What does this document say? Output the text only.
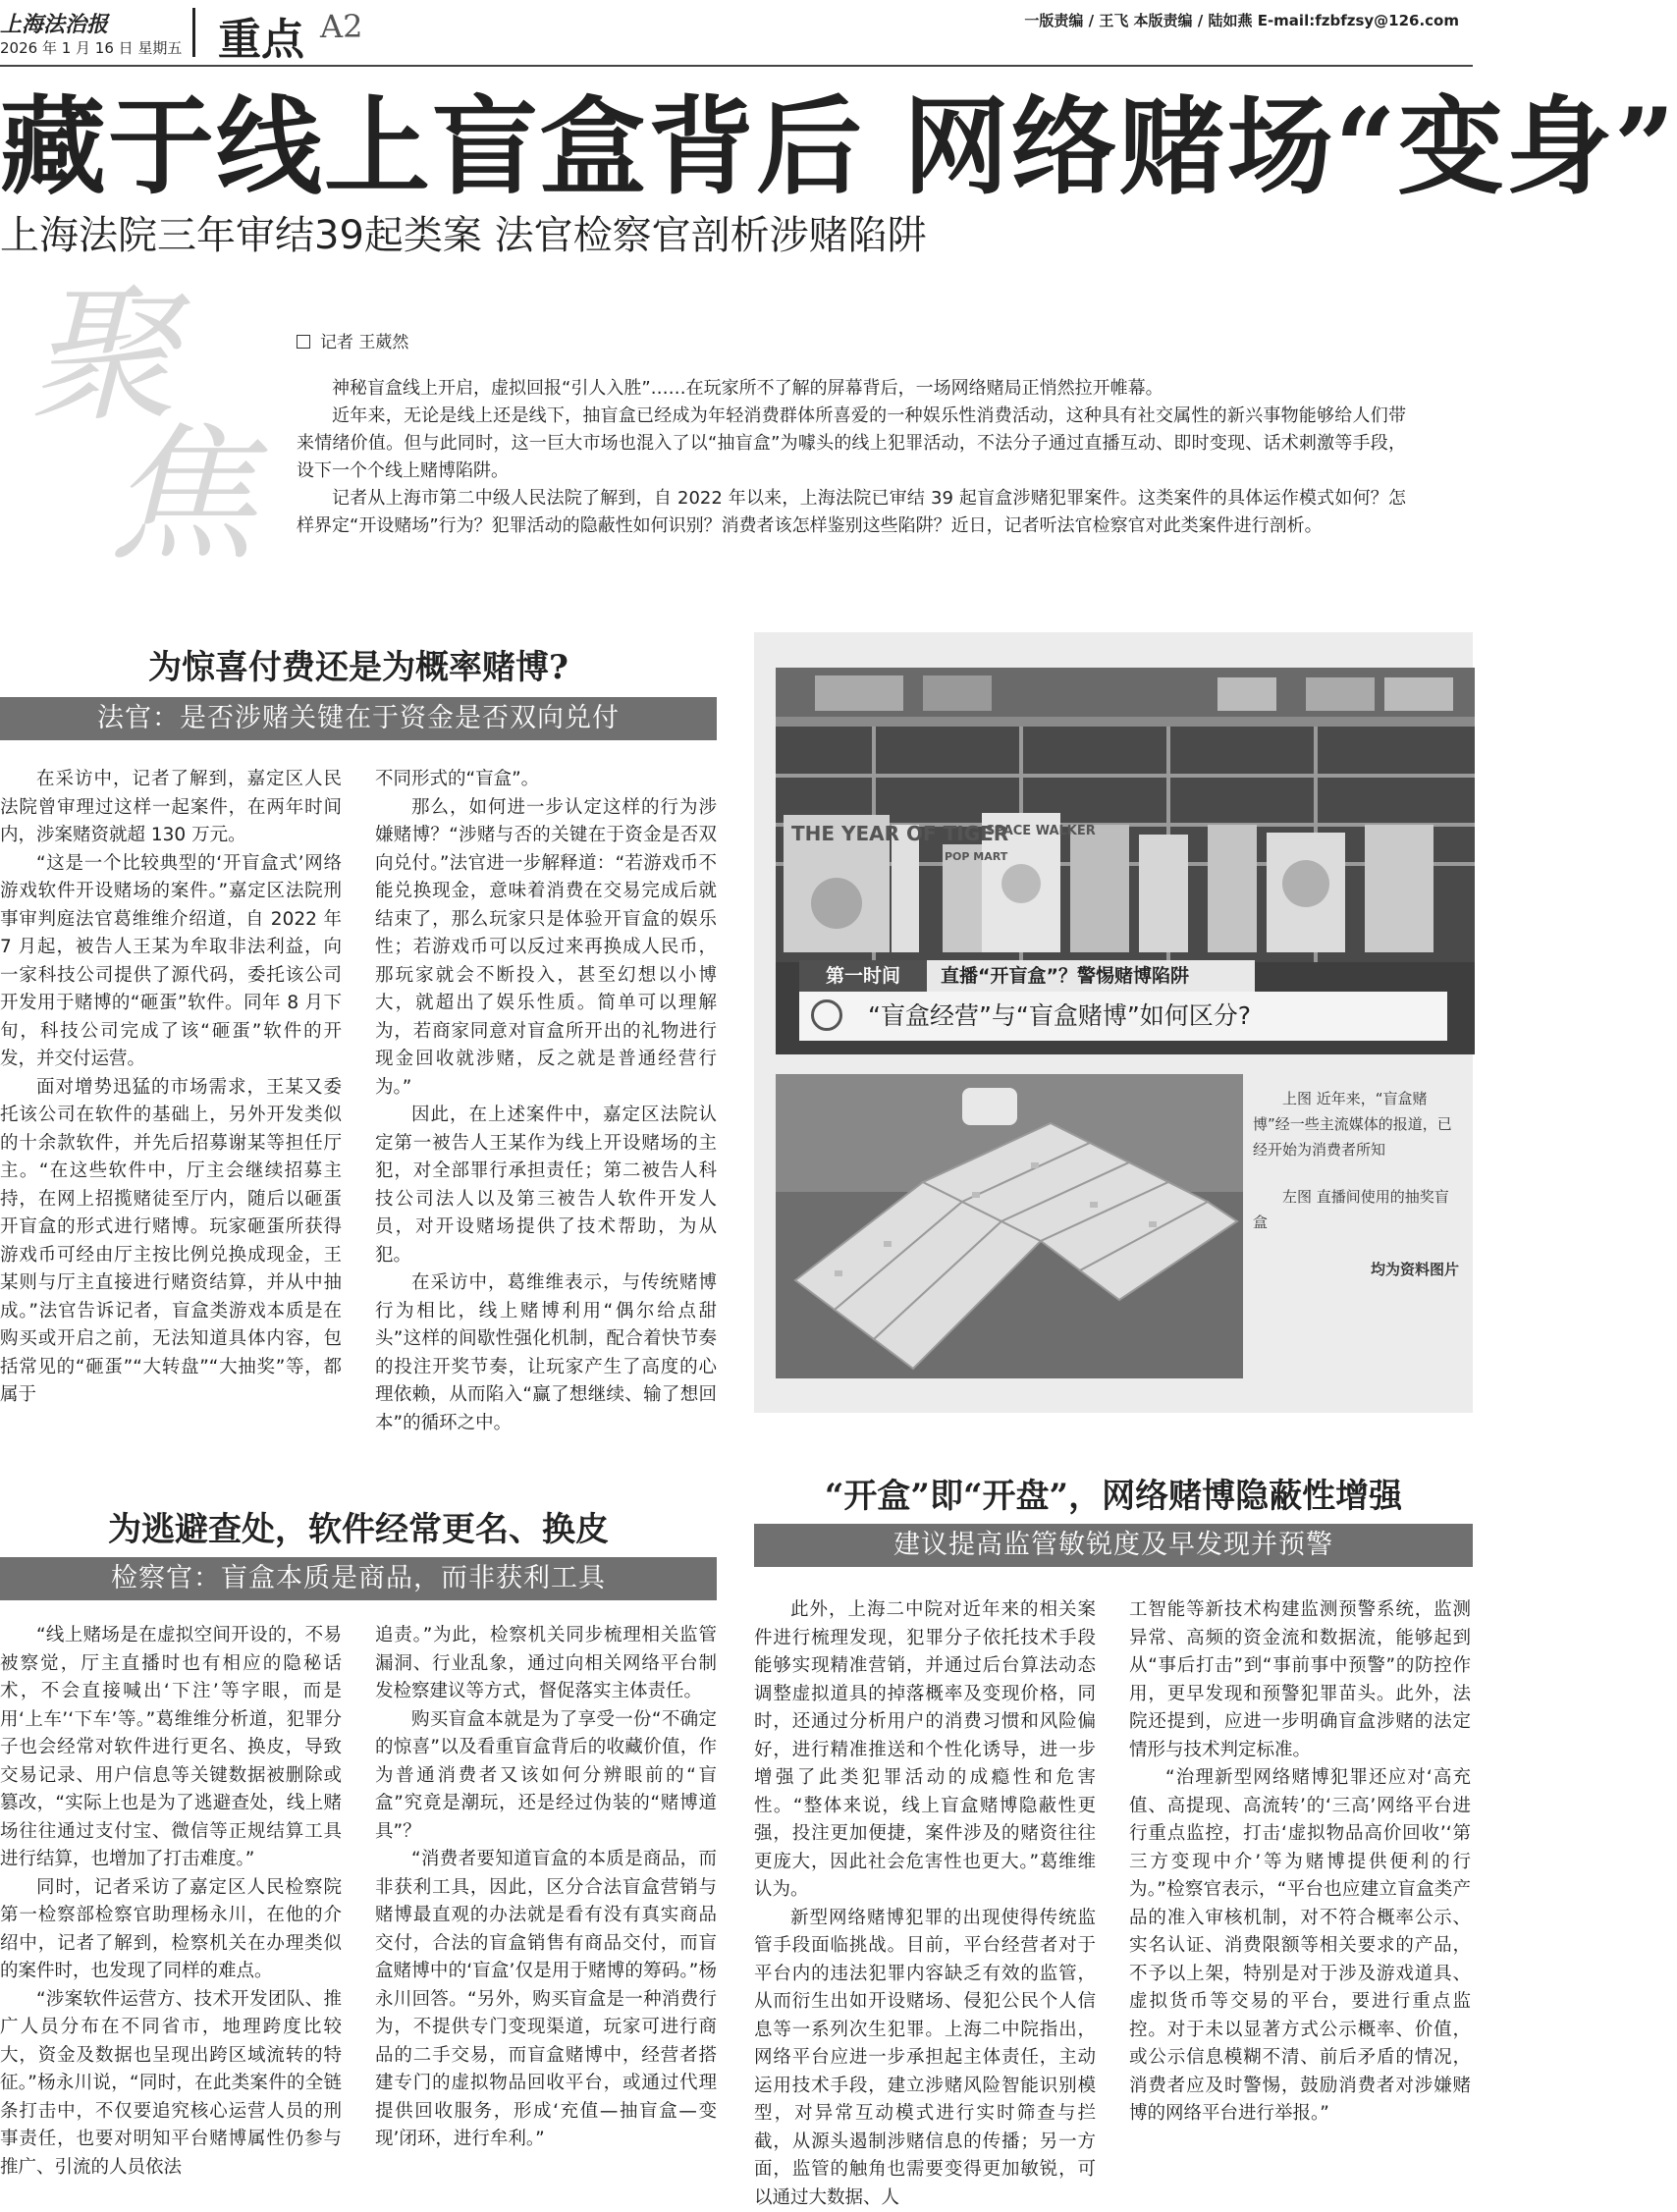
上海法治报
2026 年 1 月 16 日 星期五 重点 A2	一版责编 / 王飞 本版责编 / 陆如燕 E-mail:fzbfzsy@126.com
藏于线上盲盒背后 网络赌场“变身”
上海法院三年审结39起类案 法官检察官剖析涉赌陷阱
聚
焦
记者 王葳然

神秘盲盒线上开启，虚拟回报“引人入胜”……在玩家所不了解的屏幕背后，一场网络赌局正悄然拉开帷幕。

近年来，无论是线上还是线下，抽盲盒已经成为年轻消费群体所喜爱的一种娱乐性消费活动，这种具有社交属性的新兴事物能够给人们带来情绪价值。但与此同时，这一巨大市场也混入了以“抽盲盒”为噱头的线上犯罪活动，不法分子通过直播互动、即时变现、话术刺激等手段，设下一个个线上赌博陷阱。

记者从上海市第二中级人民法院了解到，自 2022 年以来，上海法院已审结 39 起盲盒涉赌犯罪案件。这类案件的具体运作模式如何？怎样界定“开设赌场”行为？犯罪活动的隐蔽性如何识别？消费者该怎样鉴别这些陷阱？近日，记者听法官检察官对此类案件进行剖析。

为惊喜付费还是为概率赌博?
法官：是否涉赌关键在于资金是否双向兑付

在采访中，记者了解到，嘉定区人民法院曾审理过这样一起案件，在两年时间内，涉案赌资就超 130 万元。

“这是一个比较典型的‘开盲盒式’网络游戏软件开设赌场的案件。”嘉定区法院刑事审判庭法官葛维维介绍道，自 2022 年 7 月起，被告人王某为牟取非法利益，向一家科技公司提供了源代码，委托该公司开发用于赌博的“砸蛋”软件。同年 8 月下旬，科技公司完成了该“砸蛋”软件的开发，并交付运营。

面对增势迅猛的市场需求，王某又委托该公司在软件的基础上，另外开发类似的十余款软件，并先后招募谢某等担任厅主。“在这些软件中，厅主会继续招募主持，在网上招揽赌徒至厅内，随后以砸蛋开盲盒的形式进行赌博。玩家砸蛋所获得游戏币可经由厅主按比例兑换成现金，王某则与厅主直接进行赌资结算，并从中抽成。”法官告诉记者，盲盒类游戏本质是在购买或开启之前，无法知道具体内容，包括常见的“砸蛋”“大转盘”“大抽奖”等，都属于

不同形式的“盲盒”。

那么，如何进一步认定这样的行为涉嫌赌博？“涉赌与否的关键在于资金是否双向兑付。”法官进一步解释道：“若游戏币不能兑换现金，意味着消费在交易完成后就结束了，那么玩家只是体验开盲盒的娱乐性；若游戏币可以反过来再换成人民币，那玩家就会不断投入，甚至幻想以小博大，就超出了娱乐性质。简单可以理解为，若商家同意对盲盒所开出的礼物进行现金回收就涉赌，反之就是普通经营行为。”

因此，在上述案件中，嘉定区法院认定第一被告人王某作为线上开设赌场的主犯，对全部罪行承担责任；第二被告人科技公司法人以及第三被告人软件开发人员，对开设赌场提供了技术帮助，为从犯。

在采访中，葛维维表示，与传统赌博行为相比，线上赌博利用“偶尔给点甜头”这样的间歇性强化机制，配合着快节奏的投注开奖节奏，让玩家产生了高度的心理依赖，从而陷入“赢了想继续、输了想回本”的循环之中。

THE YEAR OF TIGER
SPACE WALKER
POP MART
第一时间	直播“开盲盒”？警惕赌博陷阱
“盲盒经营”与“盲盒赌博”如何区分?

上图 近年来，“盲盒赌博”经一些主流媒体的报道，已经开始为消费者所知

左图 直播间使用的抽奖盲盒

均为资料图片

为逃避查处，软件经常更名、换皮
检察官：盲盒本质是商品，而非获利工具

“线上赌场是在虚拟空间开设的，不易被察觉，厅主直播时也有相应的隐秘话术，不会直接喊出‘下注’等字眼，而是用‘上车’‘下车’等。”葛维维分析道，犯罪分子也会经常对软件进行更名、换皮，导致交易记录、用户信息等关键数据被删除或篡改，“实际上也是为了逃避查处，线上赌场往往通过支付宝、微信等正规结算工具进行结算，也增加了打击难度。”

同时，记者采访了嘉定区人民检察院第一检察部检察官助理杨永川，在他的介绍中，记者了解到，检察机关在办理类似的案件时，也发现了同样的难点。

“涉案软件运营方、技术开发团队、推广人员分布在不同省市，地理跨度比较大，资金及数据也呈现出跨区域流转的特征。”杨永川说，“同时，在此类案件的全链条打击中，不仅要追究核心运营人员的刑事责任，也要对明知平台赌博属性仍参与推广、引流的人员依法

追责。”为此，检察机关同步梳理相关监管漏洞、行业乱象，通过向相关网络平台制发检察建议等方式，督促落实主体责任。

购买盲盒本就是为了享受一份“不确定的惊喜”以及看重盲盒背后的收藏价值，作为普通消费者又该如何分辨眼前的“盲盒”究竟是潮玩，还是经过伪装的“赌博道具”？

“消费者要知道盲盒的本质是商品，而非获利工具，因此，区分合法盲盒营销与赌博最直观的办法就是看有没有真实商品交付，合法的盲盒销售有商品交付，而盲盒赌博中的‘盲盒’仅是用于赌博的筹码。”杨永川回答。“另外，购买盲盒是一种消费行为，不提供专门变现渠道，玩家可进行商品的二手交易，而盲盒赌博中，经营者搭建专门的虚拟物品回收平台，或通过代理提供回收服务，形成‘充值—抽盲盒—变现’闭环，进行牟利。”

“开盒”即“开盘”，网络赌博隐蔽性增强
建议提高监管敏锐度及早发现并预警

此外，上海二中院对近年来的相关案件进行梳理发现，犯罪分子依托技术手段能够实现精准营销，并通过后台算法动态调整虚拟道具的掉落概率及变现价格，同时，还通过分析用户的消费习惯和风险偏好，进行精准推送和个性化诱导，进一步增强了此类犯罪活动的成瘾性和危害性。“整体来说，线上盲盒赌博隐蔽性更强，投注更加便捷，案件涉及的赌资往往更庞大，因此社会危害性也更大。”葛维维认为。

新型网络赌博犯罪的出现使得传统监管手段面临挑战。目前，平台经营者对于平台内的违法犯罪内容缺乏有效的监管，从而衍生出如开设赌场、侵犯公民个人信息等一系列次生犯罪。上海二中院指出，网络平台应进一步承担起主体责任，主动运用技术手段，建立涉赌风险智能识别模型，对异常互动模式进行实时筛查与拦截，从源头遏制涉赌信息的传播；另一方面，监管的触角也需要变得更加敏锐，可以通过大数据、人

工智能等新技术构建监测预警系统，监测异常、高频的资金流和数据流，能够起到从“事后打击”到“事前事中预警”的防控作用，更早发现和预警犯罪苗头。此外，法院还提到，应进一步明确盲盒涉赌的法定情形与技术判定标准。

“治理新型网络赌博犯罪还应对‘高充值、高提现、高流转’的‘三高’网络平台进行重点监控，打击‘虚拟物品高价回收’‘第三方变现中介’等为赌博提供便利的行为。”检察官表示，“平台也应建立盲盒类产品的准入审核机制，对不符合概率公示、实名认证、消费限额等相关要求的产品，不予以上架，特别是对于涉及游戏道具、虚拟货币等交易的平台，要进行重点监控。对于未以显著方式公示概率、价值，或公示信息模糊不清、前后矛盾的情况，消费者应及时警惕，鼓励消费者对涉嫌赌博的网络平台进行举报。”
